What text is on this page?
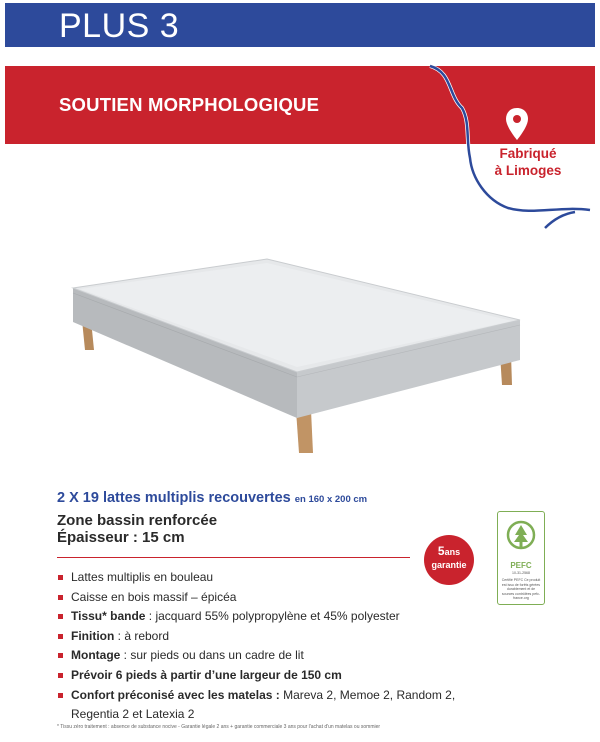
PLUS 3
SOUTIEN MORPHOLOGIQUE
Fabriqué
à Limoges
2 X 19 lattes multiplis recouvertes en 160 x 200 cm
Zone bassin renforcée
Épaisseur : 15 cm
5ans
garantie	PEFC
10-31-2568
Certifié PEFC Ce produit est issu de forêts gérées durablement et de sources contrôlées pefc-france.org
Lattes multiplis en bouleau
Caisse en bois massif – épicéa
Tissu* bande : jacquard 55% polypropylène et 45% polyester
Finition : à rebord
Montage : sur pieds ou dans un cadre de lit
Prévoir 6 pieds à partir d’une largeur de 150 cm
Confort préconisé avec les matelas : Mareva 2, Memoe 2, Random 2, Regentia 2 et Latexia 2
* Tissu zéro traitement : absence de substance nocive - Garantie légale 2 ans + garantie commerciale 3 ans pour l'achat d'un matelas ou sommier
